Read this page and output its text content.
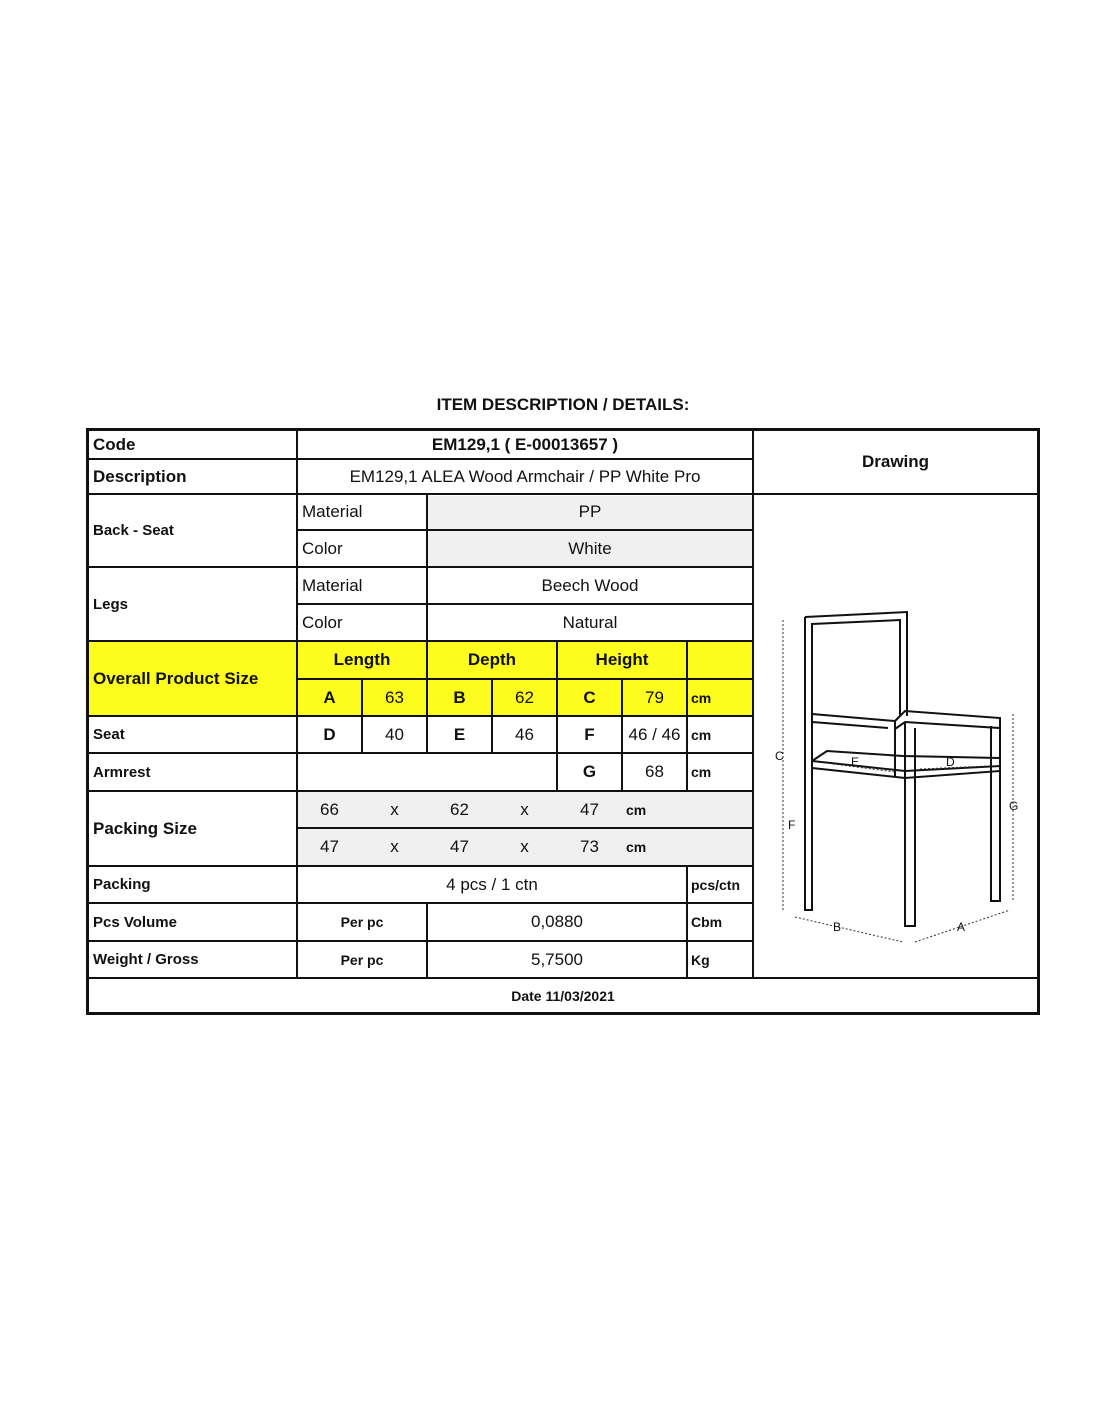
ITEM DESCRIPTION / DETAILS:
Code	EM129,1 ( E-00013657 )
Description	EM129,1 ALEA Wood Armchair / PP White Pro
Drawing
Back - Seat
Material	PP
Color	White
Legs
Material	Beech Wood
Color	Natural
Overall Product Size
Length	Depth	Height
A	63	B	62	C	79	cm
Seat	D	40	E	46	F	46 / 46 cm
Armrest	G	68	cm
Packing Size
66	x	62	x	47	cm
47	x	47	x	73	cm
Packing	4 pcs / 1 ctn	pcs/ctn
Pcs Volume	Per pc	0,0880	Cbm
Weight / Gross	Per pc	5,7500	Kg
Date 11/03/2021
C
F
G
E	D
B	A
